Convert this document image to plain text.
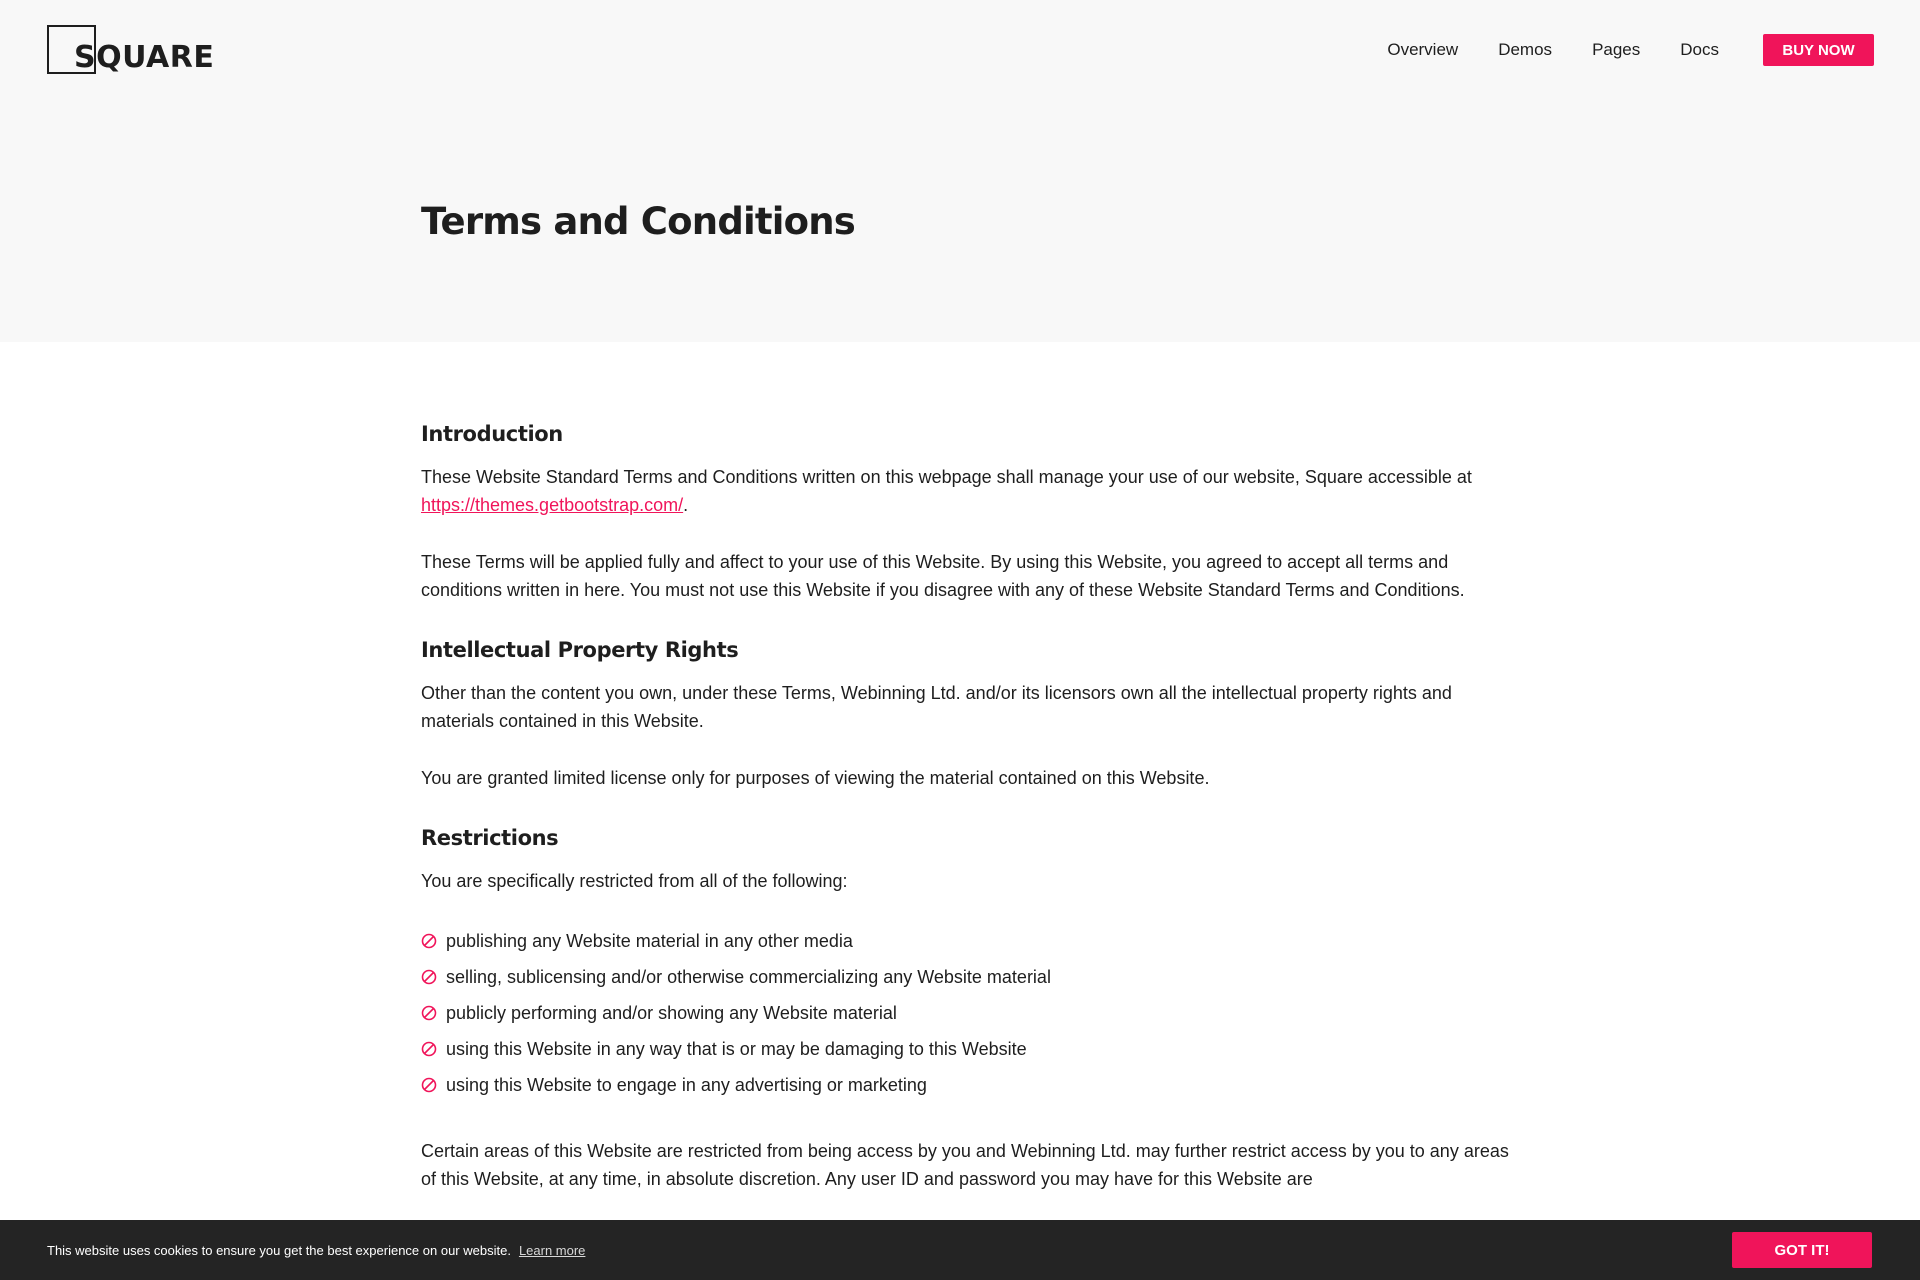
SQUARE	Overview Demos Pages Docs	BUY NOW
Terms and Conditions
Introduction

These Website Standard Terms and Conditions written on this webpage shall manage your use of our website, Square accessible at https://themes.getbootstrap.com/.

These Terms will be applied fully and affect to your use of this Website. By using this Website, you agreed to accept all terms and conditions written in here. You must not use this Website if you disagree with any of these Website Standard Terms and Conditions.

Intellectual Property Rights

Other than the content you own, under these Terms, Webinning Ltd. and/or its licensors own all the intellectual property rights and materials contained in this Website.

You are granted limited license only for purposes of viewing the material contained on this Website.

Restrictions

You are specifically restricted from all of the following:

publishing any Website material in any other media
selling, sublicensing and/or otherwise commercializing any Website material
publicly performing and/or showing any Website material
using this Website in any way that is or may be damaging to this Website
using this Website to engage in any advertising or marketing

Certain areas of this Website are restricted from being access by you and Webinning Ltd. may further restrict access by you to any areas of this Website, at any time, in absolute discretion. Any user ID and password you may have for this Website are

This website uses cookies to ensure you get the best experience on our website. Learn more	GOT IT!
